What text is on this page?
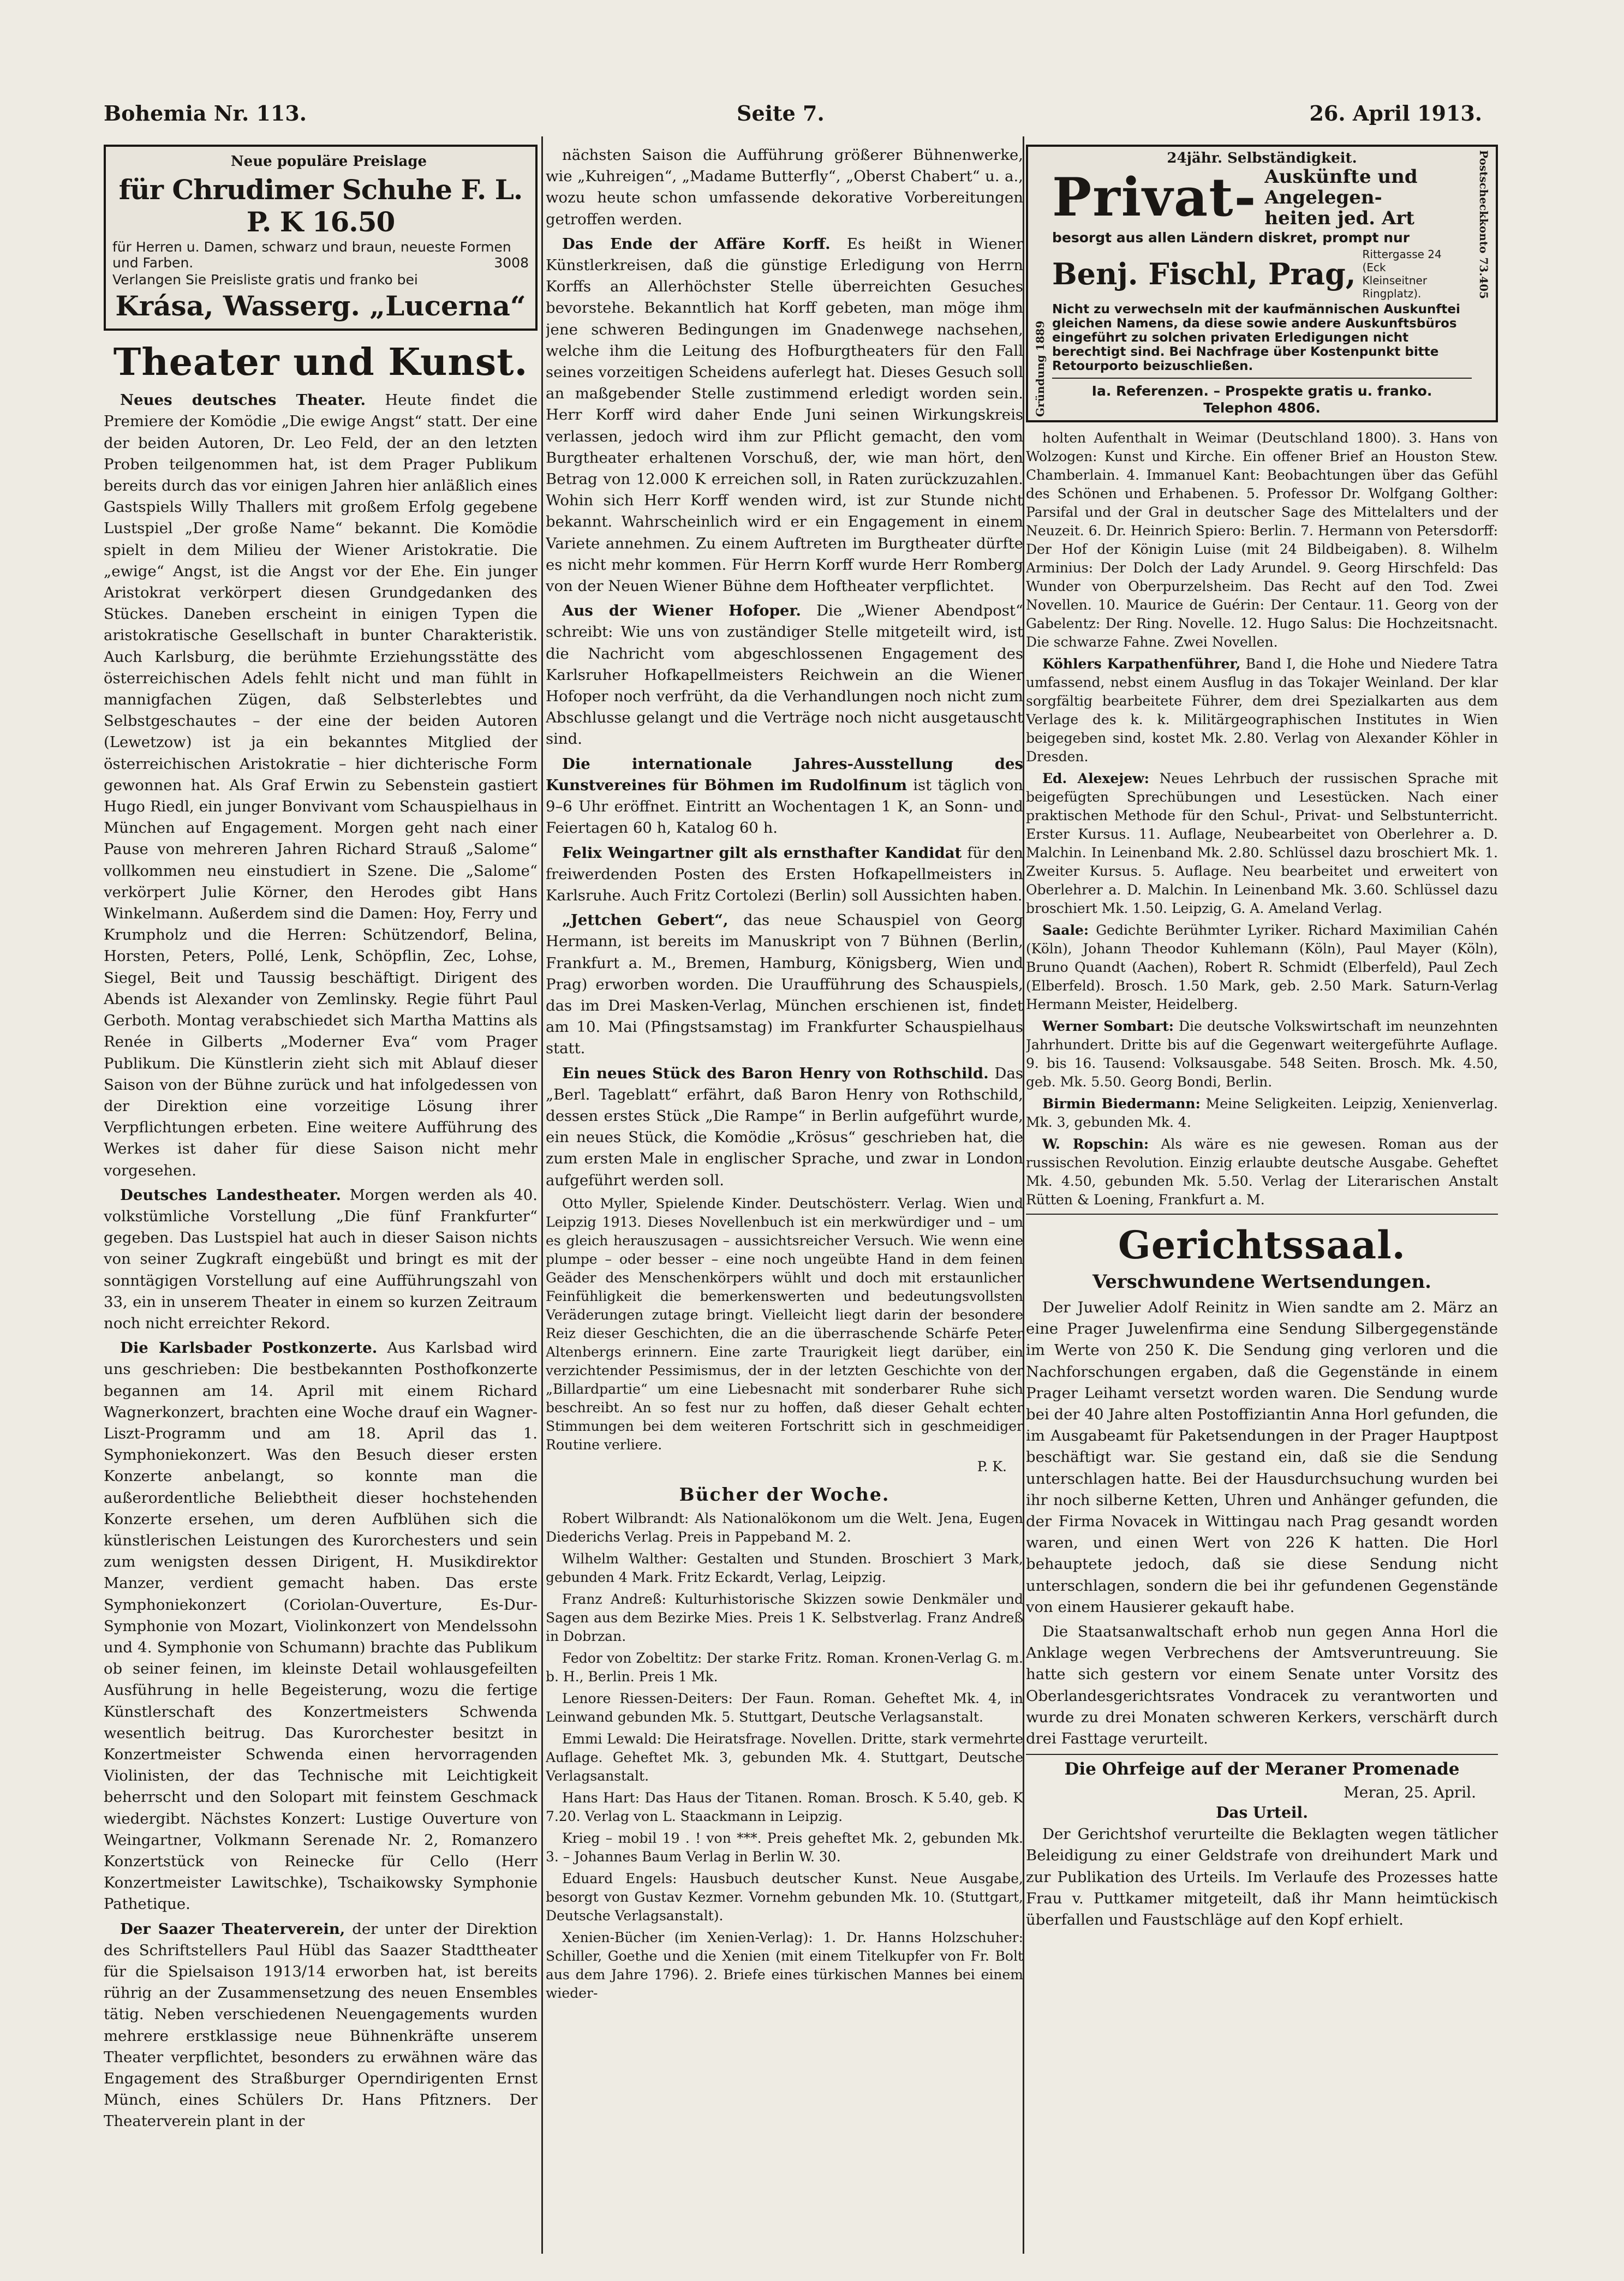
Bohemia Nr. 113.	Seite 7.	26. April 1913.

Neue populäre Preislage

für Chrudimer Schuhe F. L. P. K 16.50
für Herren u. Damen, schwarz und braun, neueste Formen und Farben.	3008
Verlangen Sie Preisliste gratis und franko bei
Krása, Wasserg. „Lucerna“
Theater und Kunst.

Neues deutsches Theater. Heute findet die Premiere der Komödie „Die ewige Angst“ statt. Der eine der beiden Autoren, Dr. Leo Feld, der an den letzten Proben teilgenommen hat, ist dem Prager Publikum bereits durch das vor einigen Jahren hier anläßlich eines Gastspiels Willy Thallers mit großem Erfolg gegebene Lustspiel „Der große Name“ bekannt. Die Komödie spielt in dem Milieu der Wiener Aristokratie. Die „ewige“ Angst, ist die Angst vor der Ehe. Ein junger Aristokrat verkörpert diesen Grundgedanken des Stückes. Daneben erscheint in einigen Typen die aristokratische Gesellschaft in bunter Charakteristik. Auch Karlsburg, die berühmte Erziehungsstätte des österreichischen Adels fehlt nicht und man fühlt in mannigfachen Zügen, daß Selbsterlebtes und Selbstgeschautes – der eine der beiden Autoren (Lewetzow) ist ja ein bekanntes Mitglied der österreichischen Aristokratie – hier dichterische Form gewonnen hat. Als Graf Erwin zu Sebenstein gastiert Hugo Riedl, ein junger Bonvivant vom Schauspielhaus in München auf Engagement. Morgen geht nach einer Pause von mehreren Jahren Richard Strauß „Salome“ vollkommen neu einstudiert in Szene. Die „Salome“ verkörpert Julie Körner, den Herodes gibt Hans Winkelmann. Außerdem sind die Damen: Hoy, Ferry und Krumpholz und die Herren: Schützendorf, Belina, Horsten, Peters, Pollé, Lenk, Schöpflin, Zec, Lohse, Siegel, Beit und Taussig beschäftigt. Dirigent des Abends ist Alexander von Zemlinsky. Regie führt Paul Gerboth. Montag verabschiedet sich Martha Mattins als Renée in Gilberts „Moderner Eva“ vom Prager Publikum. Die Künstlerin zieht sich mit Ablauf dieser Saison von der Bühne zurück und hat infolgedessen von der Direktion eine vorzeitige Lösung ihrer Verpflichtungen erbeten. Eine weitere Aufführung des Werkes ist daher für diese Saison nicht mehr vorgesehen.

Deutsches Landestheater. Morgen werden als 40. volkstümliche Vorstellung „Die fünf Frankfurter“ gegeben. Das Lustspiel hat auch in dieser Saison nichts von seiner Zugkraft eingebüßt und bringt es mit der sonntägigen Vorstellung auf eine Aufführungszahl von 33, ein in unserem Theater in einem so kurzen Zeitraum noch nicht erreichter Rekord.

Die Karlsbader Postkonzerte. Aus Karlsbad wird uns geschrieben: Die bestbekannten Posthofkonzerte begannen am 14. April mit einem Richard Wagnerkonzert, brachten eine Woche drauf ein Wagner-Liszt-Programm und am 18. April das 1. Symphoniekonzert. Was den Besuch dieser ersten Konzerte anbelangt, so konnte man die außerordentliche Beliebtheit dieser hochstehenden Konzerte ersehen, um deren Aufblühen sich die künstlerischen Leistungen des Kurorchesters und sein zum wenigsten dessen Dirigent, H. Musikdirektor Manzer, verdient gemacht haben. Das erste Symphoniekonzert (Coriolan-Ouverture, Es-Dur-Symphonie von Mozart, Violinkonzert von Mendelssohn und 4. Symphonie von Schumann) brachte das Publikum ob seiner feinen, im kleinste Detail wohlausgefeilten Ausführung in helle Begeisterung, wozu die fertige Künstlerschaft des Konzertmeisters Schwenda wesentlich beitrug. Das Kurorchester besitzt in Konzertmeister Schwenda einen hervorragenden Violinisten, der das Technische mit Leichtigkeit beherrscht und den Solopart mit feinstem Geschmack wiedergibt. Nächstes Konzert: Lustige Ouverture von Weingartner, Volkmann Serenade Nr. 2, Romanzero Konzertstück von Reinecke für Cello (Herr Konzertmeister Lawitschke), Tschaikowsky Symphonie Pathetique.

Der Saazer Theaterverein, der unter der Direktion des Schriftstellers Paul Hübl das Saazer Stadttheater für die Spielsaison 1913/14 erworben hat, ist bereits rührig an der Zusammensetzung des neuen Ensembles tätig. Neben verschiedenen Neuengagements wurden mehrere erstklassige neue Bühnenkräfte unserem Theater verpflichtet, besonders zu erwähnen wäre das Engagement des Straßburger Operndirigenten Ernst Münch, eines Schülers Dr. Hans Pfitzners. Der Theaterverein plant in der

nächsten Saison die Aufführung größerer Bühnenwerke, wie „Kuhreigen“, „Madame Butterfly“, „Oberst Chabert“ u. a., wozu heute schon umfassende dekorative Vorbereitungen getroffen werden.

Das Ende der Affäre Korff. Es heißt in Wiener Künstlerkreisen, daß die günstige Erledigung von Herrn Korffs an Allerhöchster Stelle überreichten Gesuches bevorstehe. Bekanntlich hat Korff gebeten, man möge ihm jene schweren Bedingungen im Gnadenwege nachsehen, welche ihm die Leitung des Hofburgtheaters für den Fall seines vorzeitigen Scheidens auferlegt hat. Dieses Gesuch soll an maßgebender Stelle zustimmend erledigt worden sein. Herr Korff wird daher Ende Juni seinen Wirkungskreis verlassen, jedoch wird ihm zur Pflicht gemacht, den vom Burgtheater erhaltenen Vorschuß, der, wie man hört, den Betrag von 12.000 K erreichen soll, in Raten zurückzuzahlen. Wohin sich Herr Korff wenden wird, ist zur Stunde nicht bekannt. Wahrscheinlich wird er ein Engagement in einem Variete annehmen. Zu einem Auftreten im Burgtheater dürfte es nicht mehr kommen. Für Herrn Korff wurde Herr Romberg von der Neuen Wiener Bühne dem Hoftheater verpflichtet.

Aus der Wiener Hofoper. Die „Wiener Abendpost“ schreibt: Wie uns von zuständiger Stelle mitgeteilt wird, ist die Nachricht vom abgeschlossenen Engagement des Karlsruher Hofkapellmeisters Reichwein an die Wiener Hofoper noch verfrüht, da die Verhandlungen noch nicht zum Abschlusse gelangt und die Verträge noch nicht ausgetauscht sind.

Die internationale Jahres-Ausstellung des Kunstvereines für Böhmen im Rudolfinum ist täglich von 9–6 Uhr eröffnet. Eintritt an Wochentagen 1 K, an Sonn- und Feiertagen 60 h, Katalog 60 h.

Felix Weingartner gilt als ernsthafter Kandidat für den freiwerdenden Posten des Ersten Hofkapellmeisters in Karlsruhe. Auch Fritz Cortolezi (Berlin) soll Aussichten haben.

„Jettchen Gebert“, das neue Schauspiel von Georg Hermann, ist bereits im Manuskript von 7 Bühnen (Berlin, Frankfurt a. M., Bremen, Hamburg, Königsberg, Wien und Prag) erworben worden. Die Uraufführung des Schauspiels, das im Drei Masken-Verlag, München erschienen ist, findet am 10. Mai (Pfingstsamstag) im Frankfurter Schauspielhaus statt.

Ein neues Stück des Baron Henry von Rothschild. Das „Berl. Tageblatt“ erfährt, daß Baron Henry von Rothschild, dessen erstes Stück „Die Rampe“ in Berlin aufgeführt wurde, ein neues Stück, die Komödie „Krösus“ geschrieben hat, die zum ersten Male in englischer Sprache, und zwar in London aufgeführt werden soll.

Otto Myller, Spielende Kinder. Deutschösterr. Verlag. Wien und Leipzig 1913. Dieses Novellenbuch ist ein merkwürdiger und – um es gleich herauszusagen – aussichtsreicher Versuch. Wie wenn eine plumpe – oder besser – eine noch ungeübte Hand in dem feinen Geäder des Menschenkörpers wühlt und doch mit erstaunlicher Feinfühligkeit die bemerkenswerten und bedeutungsvollsten Veräderungen zutage bringt. Vielleicht liegt darin der besondere Reiz dieser Geschichten, die an die überraschende Schärfe Peter Altenbergs erinnern. Eine zarte Traurigkeit liegt darüber, ein verzichtender Pessimismus, der in der letzten Geschichte von der „Billardpartie“ um eine Liebesnacht mit sonderbarer Ruhe sich beschreibt. An so fest nur zu hoffen, daß dieser Gehalt echter Stimmungen bei dem weiteren Fortschritt sich in geschmeidiger Routine verliere.

P. K.

Bücher der Woche.

Robert Wilbrandt: Als Nationalökonom um die Welt. Jena, Eugen Diederichs Verlag. Preis in Pappeband M. 2.

Wilhelm Walther: Gestalten und Stunden. Broschiert 3 Mark, gebunden 4 Mark. Fritz Eckardt, Verlag, Leipzig.

Franz Andreß: Kulturhistorische Skizzen sowie Denkmäler und Sagen aus dem Bezirke Mies. Preis 1 K. Selbstverlag. Franz Andreß in Dobrzan.

Fedor von Zobeltitz: Der starke Fritz. Roman. Kronen-Verlag G. m. b. H., Berlin. Preis 1 Mk.

Lenore Riessen-Deiters: Der Faun. Roman. Geheftet Mk. 4, in Leinwand gebunden Mk. 5. Stuttgart, Deutsche Verlagsanstalt.

Emmi Lewald: Die Heiratsfrage. Novellen. Dritte, stark vermehrte Auflage. Geheftet Mk. 3, gebunden Mk. 4. Stuttgart, Deutsche Verlagsanstalt.

Hans Hart: Das Haus der Titanen. Roman. Brosch. K 5.40, geb. K 7.20. Verlag von L. Staackmann in Leipzig.

Krieg – mobil 19 . ! von ***. Preis geheftet Mk. 2, gebunden Mk. 3. – Johannes Baum Verlag in Berlin W. 30.

Eduard Engels: Hausbuch deutscher Kunst. Neue Ausgabe, besorgt von Gustav Kezmer. Vornehm gebunden Mk. 10. (Stuttgart, Deutsche Verlagsanstalt).

Xenien-Bücher (im Xenien-Verlag): 1. Dr. Hanns Holzschuher: Schiller, Goethe und die Xenien (mit einem Titelkupfer von Fr. Bolt aus dem Jahre 1796). 2. Briefe eines türkischen Mannes bei einem wieder-

Gründung 1889
24jähr. Selbständigkeit.
Privat- Auskünfte und
Angelegen-
heiten jed. Art
besorgt aus allen Ländern diskret, prompt nur
Benj. Fischl, Prag,
Rittergasse 24 (Eck Kleinseitner Ringplatz).
Nicht zu verwechseln mit der kaufmännischen Auskunftei gleichen Namens, da diese sowie andere Auskunftsbüros eingeführt zu solchen privaten Erledigungen nicht berechtigt sind. Bei Nachfrage über Kostenpunkt bitte Retourporto beizuschließen.
Ia. Referenzen. – Prospekte gratis u. franko.
Telephon 4806.
Postscheckkonto 73.405

holten Aufenthalt in Weimar (Deutschland 1800). 3. Hans von Wolzogen: Kunst und Kirche. Ein offener Brief an Houston Stew. Chamberlain. 4. Immanuel Kant: Beobachtungen über das Gefühl des Schönen und Erhabenen. 5. Professor Dr. Wolfgang Golther: Parsifal und der Gral in deutscher Sage des Mittelalters und der Neuzeit. 6. Dr. Heinrich Spiero: Berlin. 7. Hermann von Petersdorff: Der Hof der Königin Luise (mit 24 Bildbeigaben). 8. Wilhelm Arminius: Der Dolch der Lady Arundel. 9. Georg Hirschfeld: Das Wunder von Oberpurzelsheim. Das Recht auf den Tod. Zwei Novellen. 10. Maurice de Guérin: Der Centaur. 11. Georg von der Gabelentz: Der Ring. Novelle. 12. Hugo Salus: Die Hochzeitsnacht. Die schwarze Fahne. Zwei Novellen.

Köhlers Karpathenführer, Band I, die Hohe und Niedere Tatra umfassend, nebst einem Ausflug in das Tokajer Weinland. Der klar sorgfältig bearbeitete Führer, dem drei Spezialkarten aus dem Verlage des k. k. Militärgeographischen Institutes in Wien beigegeben sind, kostet Mk. 2.80. Verlag von Alexander Köhler in Dresden.

Ed. Alexejew: Neues Lehrbuch der russischen Sprache mit beigefügten Sprechübungen und Lesestücken. Nach einer praktischen Methode für den Schul-, Privat- und Selbstunterricht. Erster Kursus. 11. Auflage, Neubearbeitet von Oberlehrer a. D. Malchin. In Leinenband Mk. 2.80. Schlüssel dazu broschiert Mk. 1. Zweiter Kursus. 5. Auflage. Neu bearbeitet und erweitert von Oberlehrer a. D. Malchin. In Leinenband Mk. 3.60. Schlüssel dazu broschiert Mk. 1.50. Leipzig, G. A. Ameland Verlag.

Saale: Gedichte Berühmter Lyriker. Richard Maximilian Cahén (Köln), Johann Theodor Kuhlemann (Köln), Paul Mayer (Köln), Bruno Quandt (Aachen), Robert R. Schmidt (Elberfeld), Paul Zech (Elberfeld). Brosch. 1.50 Mark, geb. 2.50 Mark. Saturn-Verlag Hermann Meister, Heidelberg.

Werner Sombart: Die deutsche Volkswirtschaft im neunzehnten Jahrhundert. Dritte bis auf die Gegenwart weitergeführte Auflage. 9. bis 16. Tausend: Volksausgabe. 548 Seiten. Brosch. Mk. 4.50, geb. Mk. 5.50. Georg Bondi, Berlin.

Birmin Biedermann: Meine Seligkeiten. Leipzig, Xenienverlag. Mk. 3, gebunden Mk. 4.

W. Ropschin: Als wäre es nie gewesen. Roman aus der russischen Revolution. Einzig erlaubte deutsche Ausgabe. Geheftet Mk. 4.50, gebunden Mk. 5.50. Verlag der Literarischen Anstalt Rütten & Loening, Frankfurt a. M.

Gerichtssaal.
Verschwundene Wertsendungen.

Der Juwelier Adolf Reinitz in Wien sandte am 2. März an eine Prager Juwelenfirma eine Sendung Silbergegenstände im Werte von 250 K. Die Sendung ging verloren und die Nachforschungen ergaben, daß die Gegenstände in einem Prager Leihamt versetzt worden waren. Die Sendung wurde bei der 40 Jahre alten Postoffiziantin Anna Horl gefunden, die im Ausgabeamt für Paketsendungen in der Prager Hauptpost beschäftigt war. Sie gestand ein, daß sie die Sendung unterschlagen hatte. Bei der Hausdurchsuchung wurden bei ihr noch silberne Ketten, Uhren und Anhänger gefunden, die der Firma Novacek in Wittingau nach Prag gesandt worden waren, und einen Wert von 226 K hatten. Die Horl behauptete jedoch, daß sie diese Sendung nicht unterschlagen, sondern die bei ihr gefundenen Gegenstände von einem Hausierer gekauft habe.

Die Staatsanwaltschaft erhob nun gegen Anna Horl die Anklage wegen Verbrechens der Amtsveruntreuung. Sie hatte sich gestern vor einem Senate unter Vorsitz des Oberlandesgerichtsrates Vondracek zu verantworten und wurde zu drei Monaten schweren Kerkers, verschärft durch drei Fasttage verurteilt.

Die Ohrfeige auf der Meraner Promenade
Meran, 25. April.
Das Urteil.

Der Gerichtshof verurteilte die Beklagten wegen tätlicher Beleidigung zu einer Geldstrafe von dreihundert Mark und zur Publikation des Urteils. Im Verlaufe des Prozesses hatte Frau v. Puttkamer mitgeteilt, daß ihr Mann heimtückisch überfallen und Faustschläge auf den Kopf erhielt.
